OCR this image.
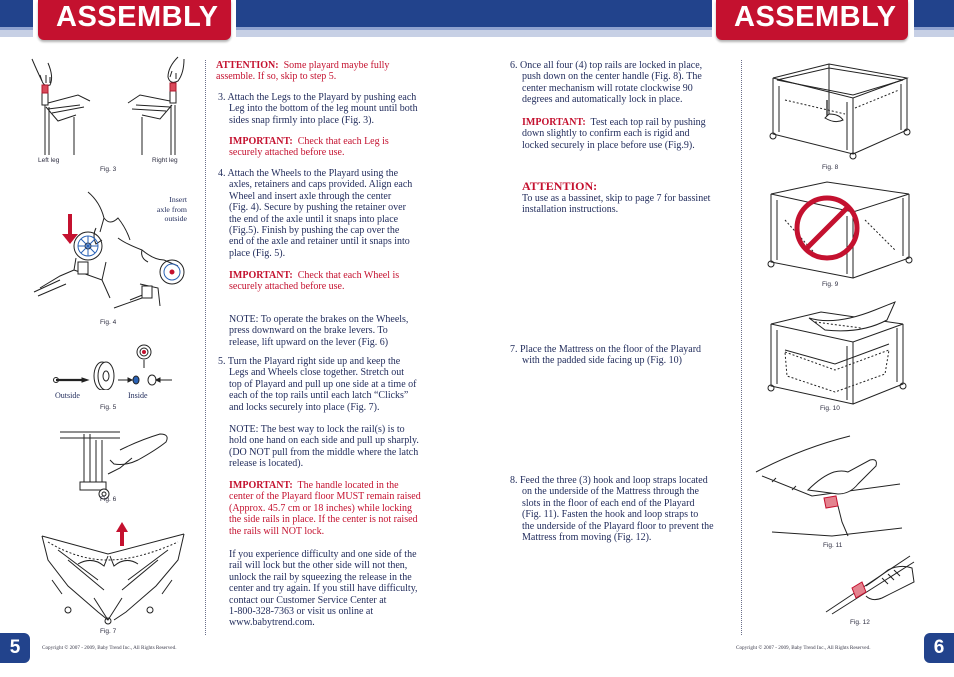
ASSEMBLY	ASSEMBLY
Left leg	Right leg
Fig. 3
Insert
axle from
outside
Fig. 4
Outside	Inside
Fig. 5
Fig. 6
Fig. 7
ATTENTION: Some playard maybe fully
assemble. If so, skip to step 5.
3. Attach the Legs to the Playard by pushing each
Leg into the bottom of the leg mount until both
sides snap firmly into place (Fig. 3).
IMPORTANT: Check that each Leg is
securely attached before use.
4. Attach the Wheels to the Playard using the
axles, retainers and caps provided. Align each
Wheel and insert axle through the center
(Fig. 4). Secure by pushing the retainer over
the end of the axle until it snaps into place
(Fig.5). Finish by pushing the cap over the
end of the axle and retainer until it snaps into
place (Fig. 5).
IMPORTANT: Check that each Wheel is
securely attached before use.
NOTE: To operate the brakes on the Wheels,
press downward on the brake levers. To
release, lift upward on the lever (Fig. 6)
5. Turn the Playard right side up and keep the
Legs and Wheels close together. Stretch out
top of Playard and pull up one side at a time of
each of the top rails until each latch “Clicks”
and locks securely into place (Fig. 7).
NOTE: The best way to lock the rail(s) is to
hold one hand on each side and pull up sharply.
(DO NOT pull from the middle where the latch
release is located).
IMPORTANT: The handle located in the
center of the Playard floor MUST remain raised
(Approx. 45.7 cm or 18 inches) while locking
the side rails in place. If the center is not raised
the rails will NOT lock.
If you experience difficulty and one side of the
rail will lock but the other side will not then,
unlock the rail by squeezing the release in the
center and try again. If you still have difficulty,
contact our Customer Service Center at
1-800-328-7363 or visit us online at
www.babytrend.com.
6. Once all four (4) top rails are locked in place,
push down on the center handle (Fig. 8). The
center mechanism will rotate clockwise 90
degrees and automatically lock in place.
IMPORTANT: Test each top rail by pushing
down slightly to confirm each is rigid and
locked securely in place before use (Fig.9).
ATTENTION:
To use as a bassinet, skip to page 7 for bassinet
installation instructions.
7. Place the Mattress on the floor of the Playard
with the padded side facing up (Fig. 10)
8. Feed the three (3) hook and loop straps located
on the underside of the Mattress through the
slots in the floor of each end of the Playard
(Fig. 11). Fasten the hook and loop straps to
the underside of the Playard floor to prevent the
Mattress from moving (Fig. 12).
Fig. 8
Fig. 9
Fig. 10
Fig. 11
Fig. 12
5	6
Copyright © 2007 - 2009, Baby Trend Inc., All Rights Reserved.	Copyright © 2007 - 2009, Baby Trend Inc., All Rights Reserved.
